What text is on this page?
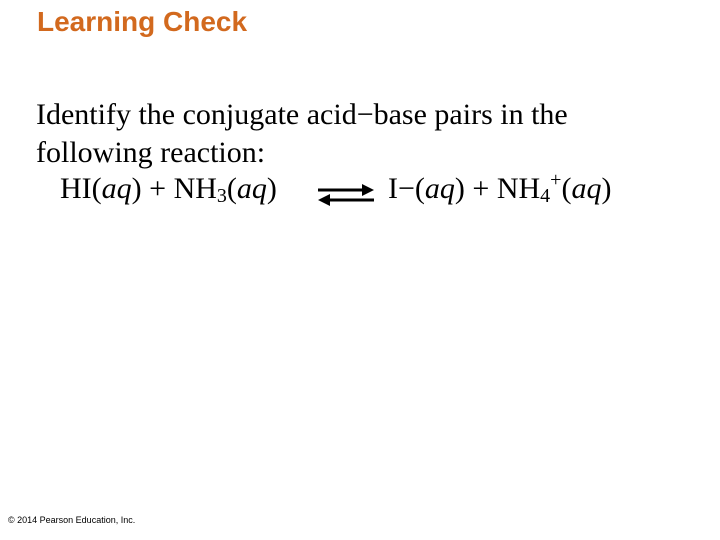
Learning Check
Identify the conjugate acid−base pairs in the
following reaction:
$HI(aq) + NH_3(aq)$ ⇌ $I-(aq) + NH_4^+(aq)$
© 2014 Pearson Education, Inc.
